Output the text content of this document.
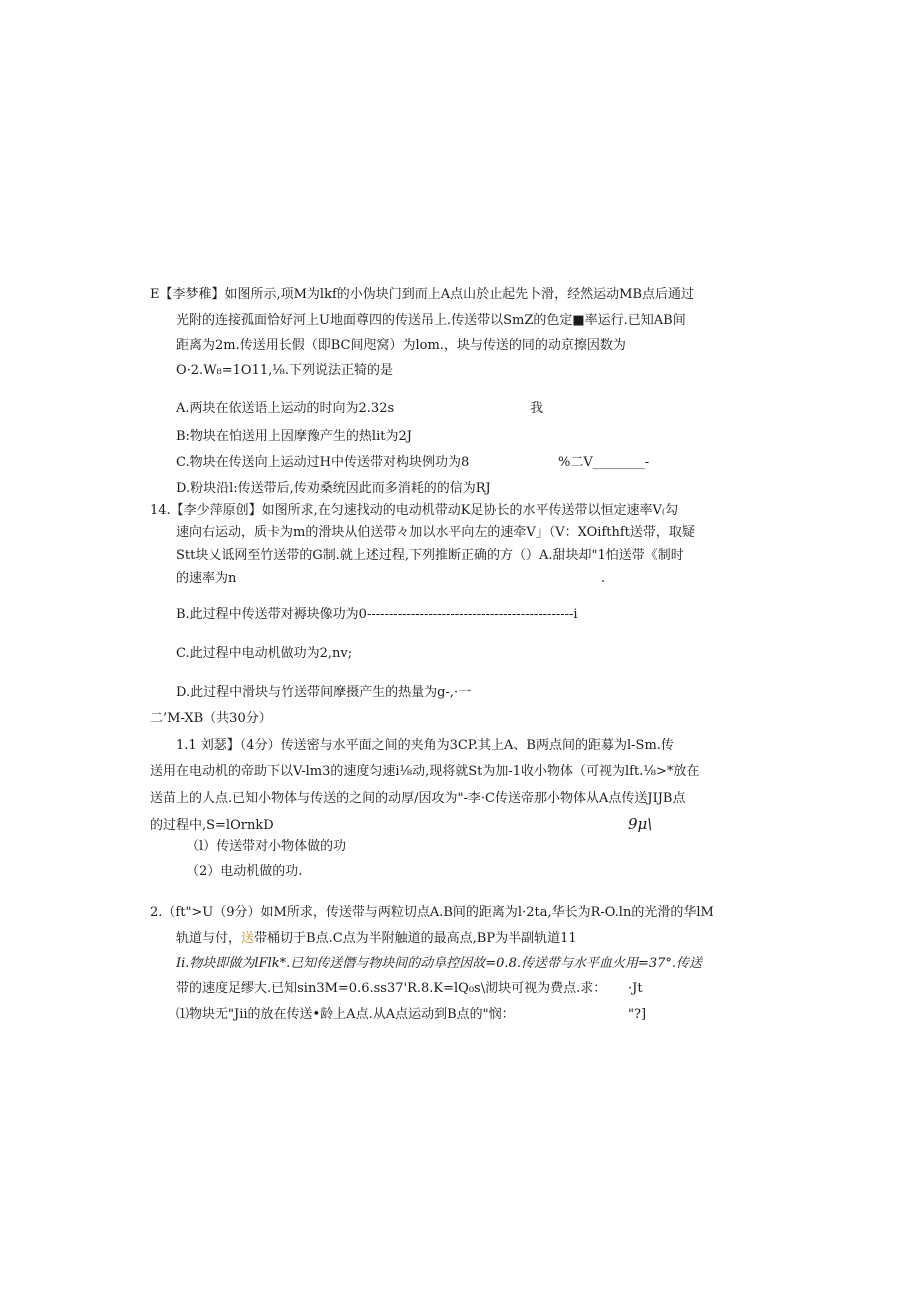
E【李梦稚】如图所示,项M为lkf的小伪块门到而上A点山於止起先卜滑，经然运动MB点后通过
光附的连接孤面恰好河上U地面尊四的传送吊上.传送带以SmZ的色定■率运行.已知AB间
距离为2m.传送用长假（即BC间咫窝）为lom.，块与传送的同的动京擦因数为
O·2.W₈=1O11,⅛.下列说法正犄的是
A.两块在依送语上运动的时向为2.32s	我
B:物块在怕送用上因摩豫产生的热lit为2J
C.物块在传送向上运动过H中传送带对构块例功为8	%二V________-
D.粉块沿l:传送带后,传劝桑统因此而多消耗的的信为RJ
14.【李少萍原创】如图所求,在匀速找动的电动机带动K足协长的水平传送带以恒定速率V₍勾
速向右运动，质卡为m的滑块从伯送带々加以水平向左的速牵V」（V：XOifthft送带，取疑
Stt块乂诋网至竹送带的G制.就上述过程,下列推断正确的方（）A.甜块却"1怕送带《制时
的速率为n	.
B.此过程中传送带对褥块像功为0-----------------------------------------------i
C.此过程中电动机做功为2,nv;
D.此过程中滑块与竹送带间摩摄产生的热量为g-,·一
二’M-XB（共30分）
1.1 刘瑟】（4分）传送密与水平面之间的夹角为3CP.其上A、B两点间的距募为l-Sm.传
送用在电动机的帝助下以V-lm3的速度匀速i⅛动,现将就St为加-1收小物体（可视为lft.⅛>*放在
送苗上的人点.已知小物体与传送的之间的动厚/因攻为"-李·C传送帝那小物体从A点传送JIJB点
的过程中,S=lOrnkD	9μ\
（l）传送带对小物体做的功
（2）电动机做的功.
2.（ft">U（9分）如M所求，传送带与两粒切点A.B间的距离为l·2ta,华长为R-O.ln的光滑的华lM
轨道与付，送带桶切于B点.C点为半附触道的最高点,BP为半副轨道11
Ii.物块即做为lFlk*.已知传送僭与物块间的动阜控因故=0.8.传送带与水平血火用=37°.传送
带的速度足缪大.已知sin3M=0.6.ss37'R.8.K=lQ₀s\沏块可视为费点.求： ·Jt
⑴物块无"Jii的放在传送•龄上A点.从A点运动到B点的"悯：	"?]
